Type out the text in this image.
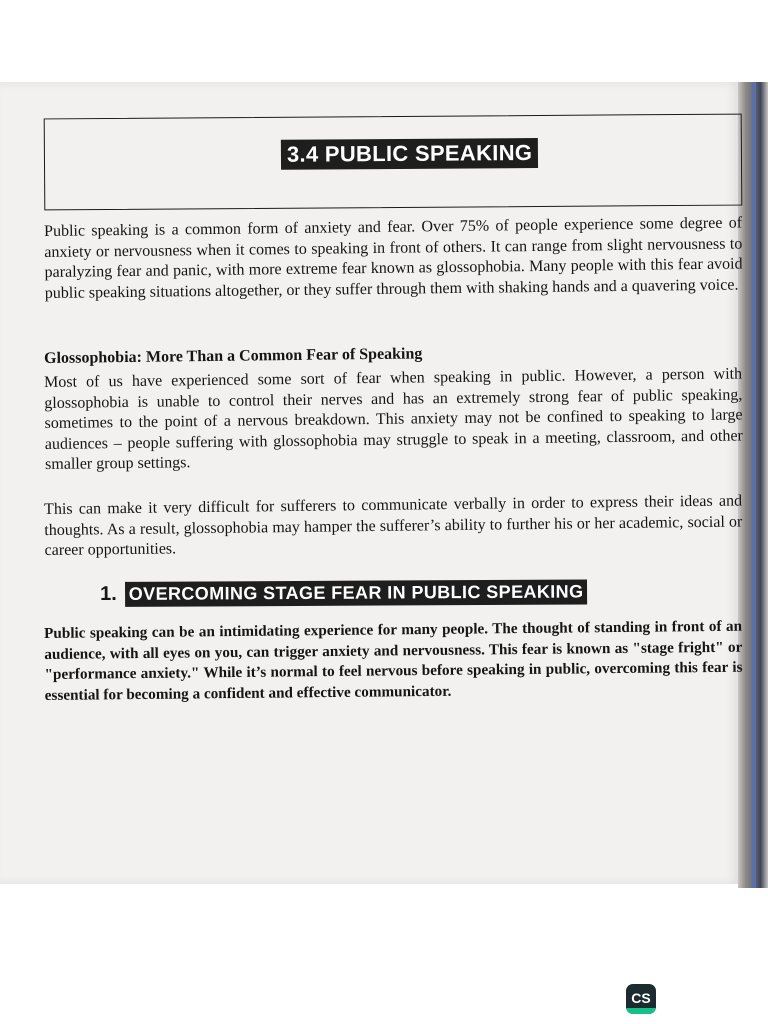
3.4 PUBLIC SPEAKING

Public speaking is a common form of anxiety and fear. Over 75% of people experience some degree of anxiety or nervousness when it comes to speaking in front of others. It can range from slight nervousness to paralyzing fear and panic, with more extreme fear known as glossophobia. Many people with this fear avoid public speaking situations altogether, or they suffer through them with shaking hands and a quavering voice.

Glossophobia: More Than a Common Fear of Speaking

Most of us have experienced some sort of fear when speaking in public. However, a person with glossophobia is unable to control their nerves and has an extremely strong fear of public speaking, sometimes to the point of a nervous breakdown. This anxiety may not be confined to speaking to large audiences – people suffering with glossophobia may struggle to speak in a meeting, classroom, and other smaller group settings.

This can make it very difficult for sufferers to communicate verbally in order to express their ideas and thoughts. As a result, glossophobia may hamper the sufferer’s ability to further his or her academic, social or career opportunities.

1. OVERCOMING STAGE FEAR IN PUBLIC SPEAKING

Public speaking can be an intimidating experience for many people. The thought of standing in front of an audience, with all eyes on you, can trigger anxiety and nervousness. This fear is known as "stage fright" or "performance anxiety." While it’s normal to feel nervous before speaking in public, overcoming this fear is essential for becoming a confident and effective communicator.

CS
